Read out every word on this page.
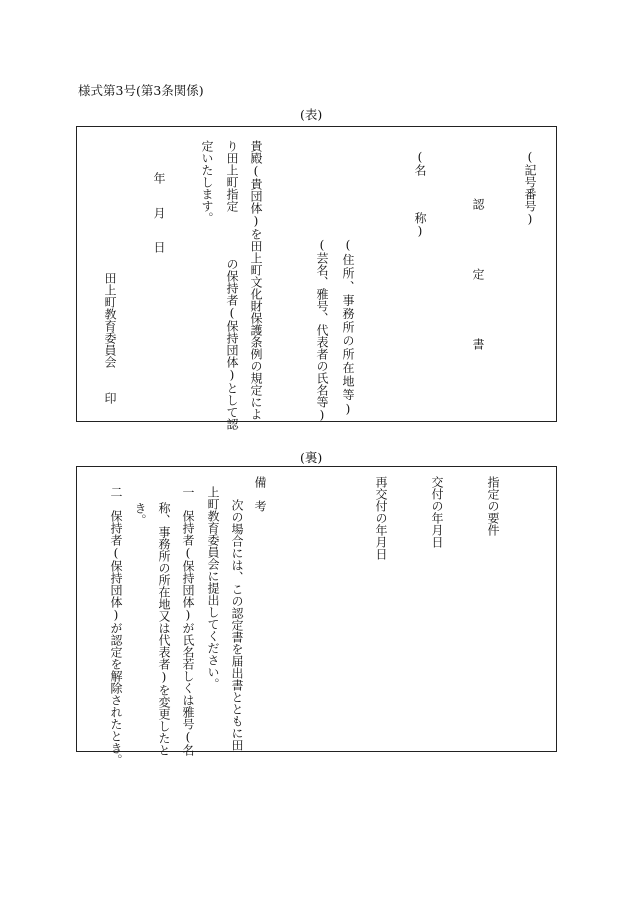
様式第3号(第3条関係)
(表)
(記号番号)
認定書
(名　　　称)
(住所、事務所の所在地等)
(芸名、雅号、代表者の氏名等)
貴殿(貴団体)を田上町文化財保護条例の規定によ
り田上町指定
の保持者(保持団体)として認
定いたします。
年
月
日
田上町教育委員会
印
(裏)
指定の要件
交付の年月日
再交付の年月日
備　考
次の場合には、この認定書を届出書とともに田
上町教育委員会に提出してください。
一　保持者(保持団体)が氏名若しくは雅号(名
称、事務所の所在地又は代表者)を変更したと
き。
二　保持者(保持団体)が認定を解除されたとき。
